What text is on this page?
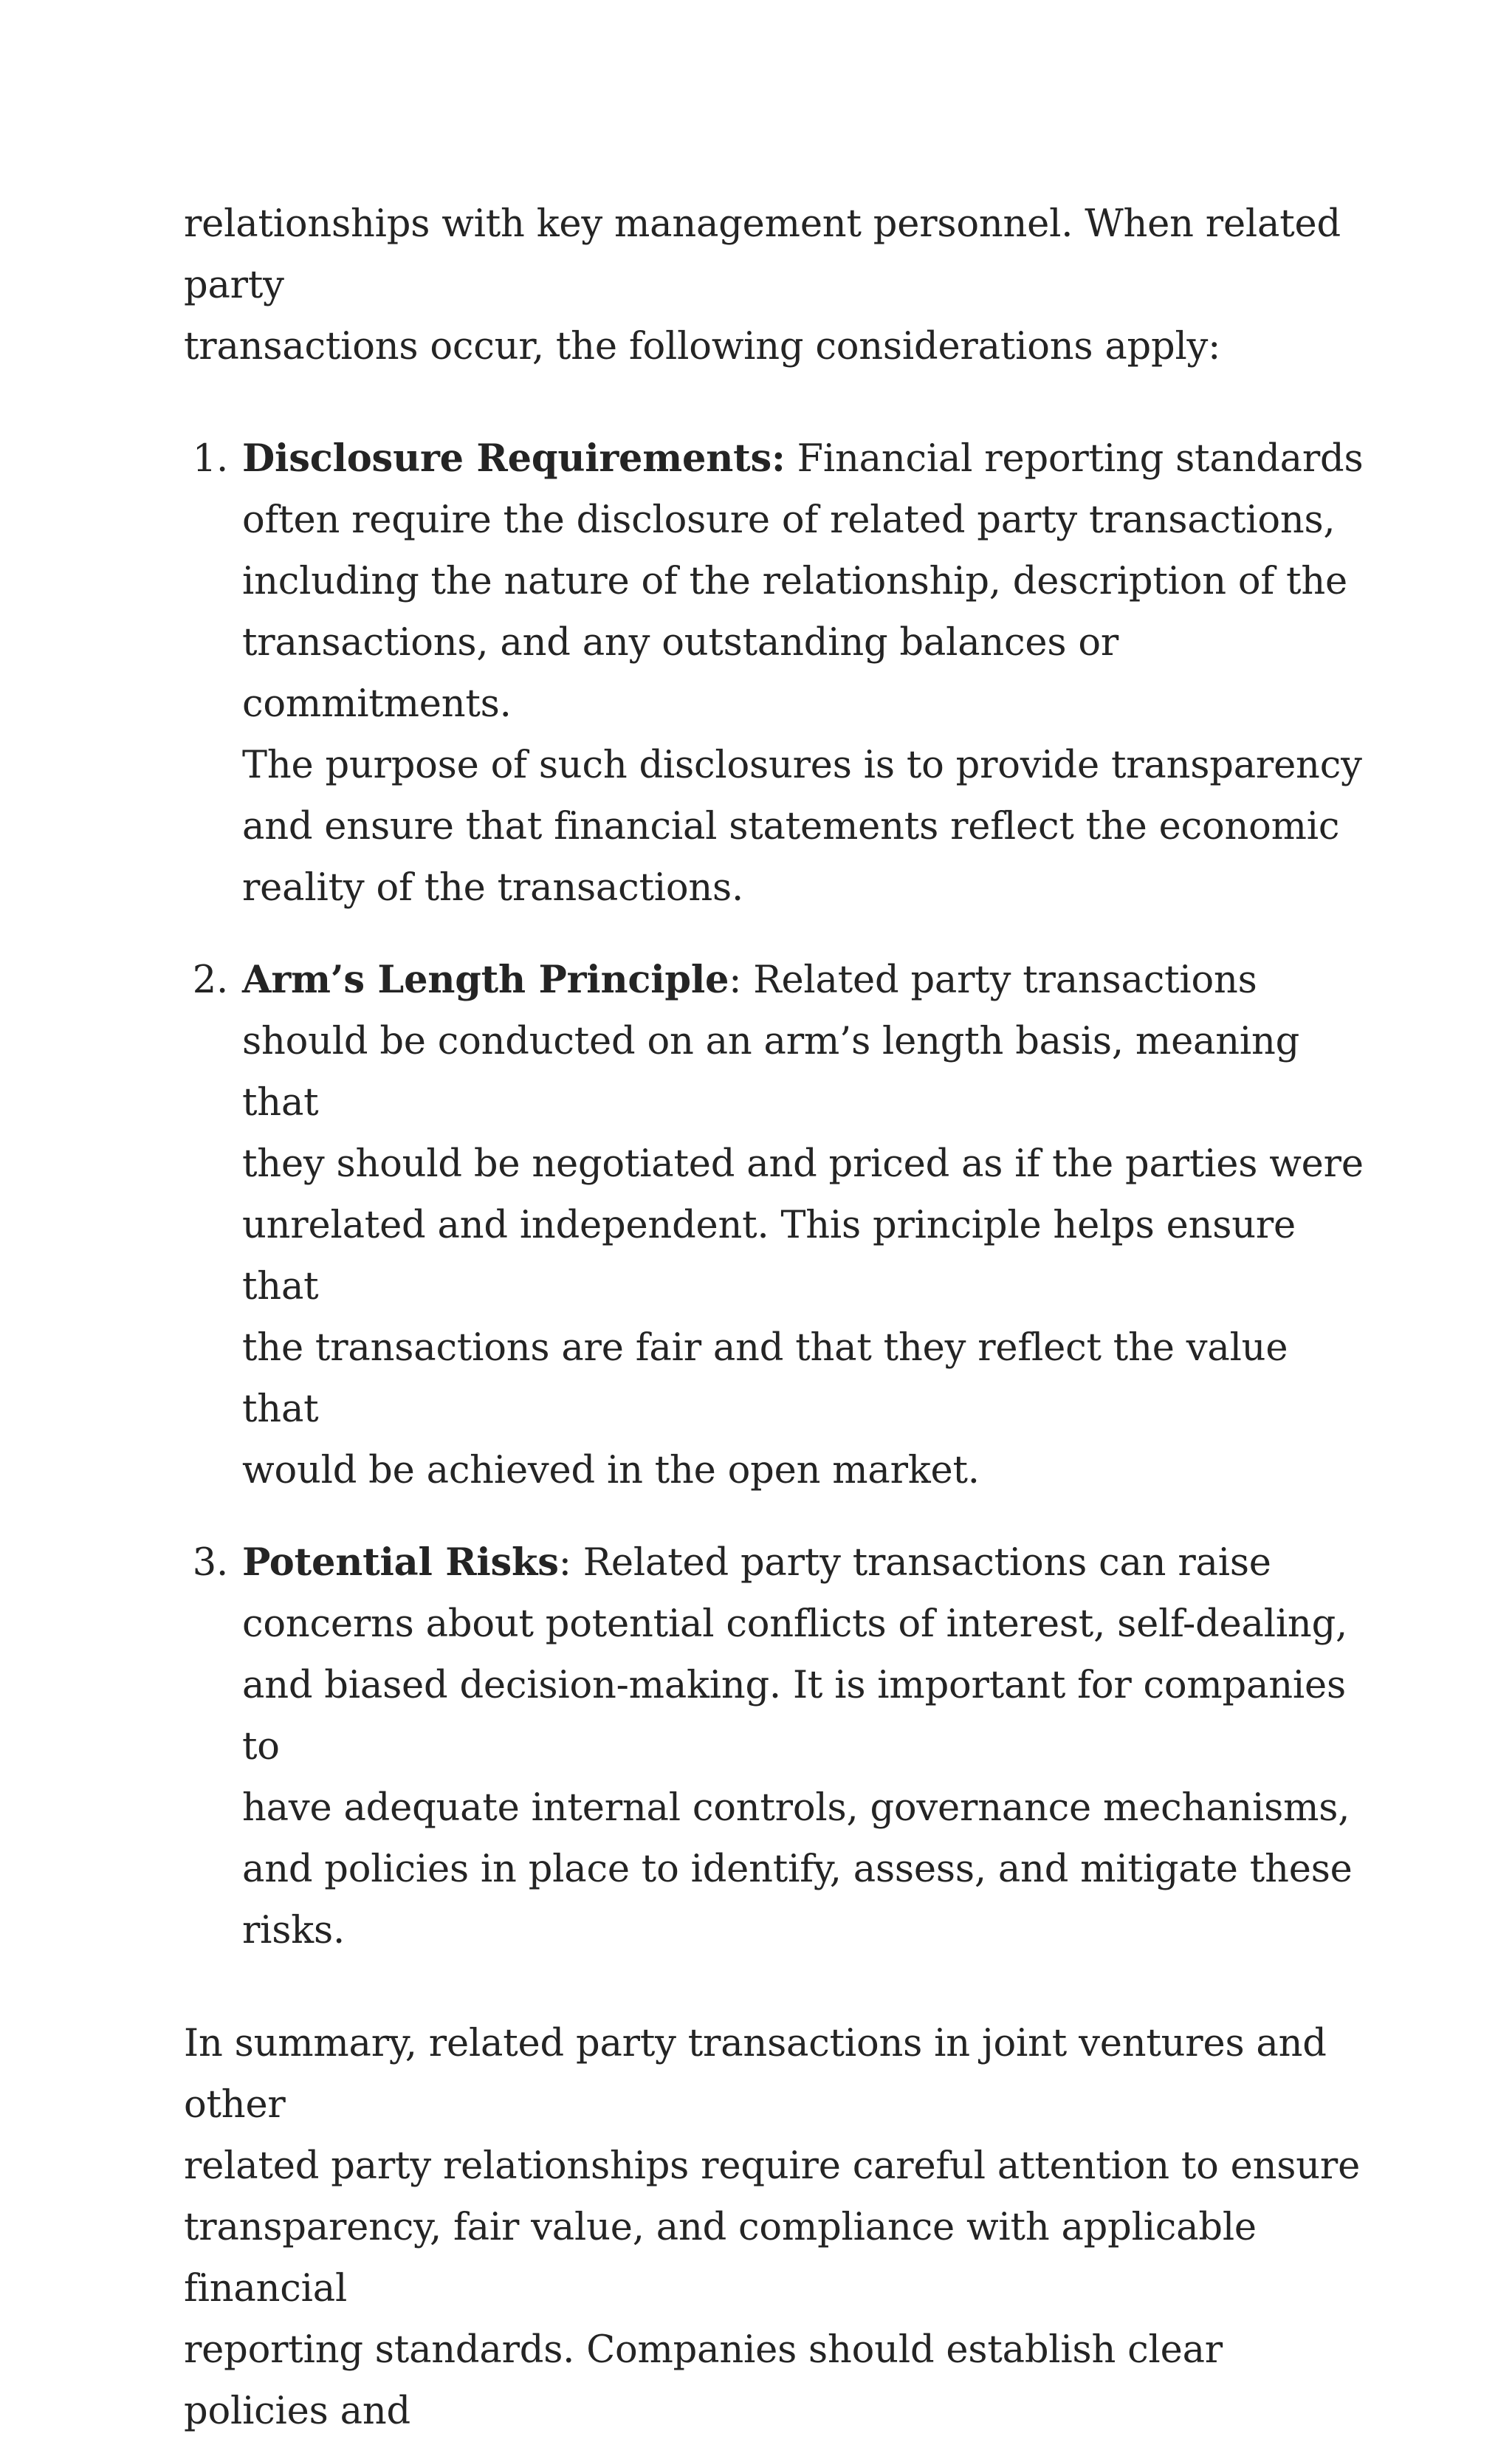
relationships with key management personnel. When related party
transactions occur, the following considerations apply:

1. Disclosure Requirements: Financial reporting standards
often require the disclosure of related party transactions,
including the nature of the relationship, description of the
transactions, and any outstanding balances or commitments.
The purpose of such disclosures is to provide transparency
and ensure that financial statements reflect the economic
reality of the transactions.
2. Arm’s Length Principle: Related party transactions
should be conducted on an arm’s length basis, meaning that
they should be negotiated and priced as if the parties were
unrelated and independent. This principle helps ensure that
the transactions are fair and that they reflect the value that
would be achieved in the open market.
3. Potential Risks: Related party transactions can raise
concerns about potential conflicts of interest, self-dealing,
and biased decision-making. It is important for companies to
have adequate internal controls, governance mechanisms,
and policies in place to identify, assess, and mitigate these
risks.

In summary, related party transactions in joint ventures and other
related party relationships require careful attention to ensure
transparency, fair value, and compliance with applicable financial
reporting standards. Companies should establish clear policies and
